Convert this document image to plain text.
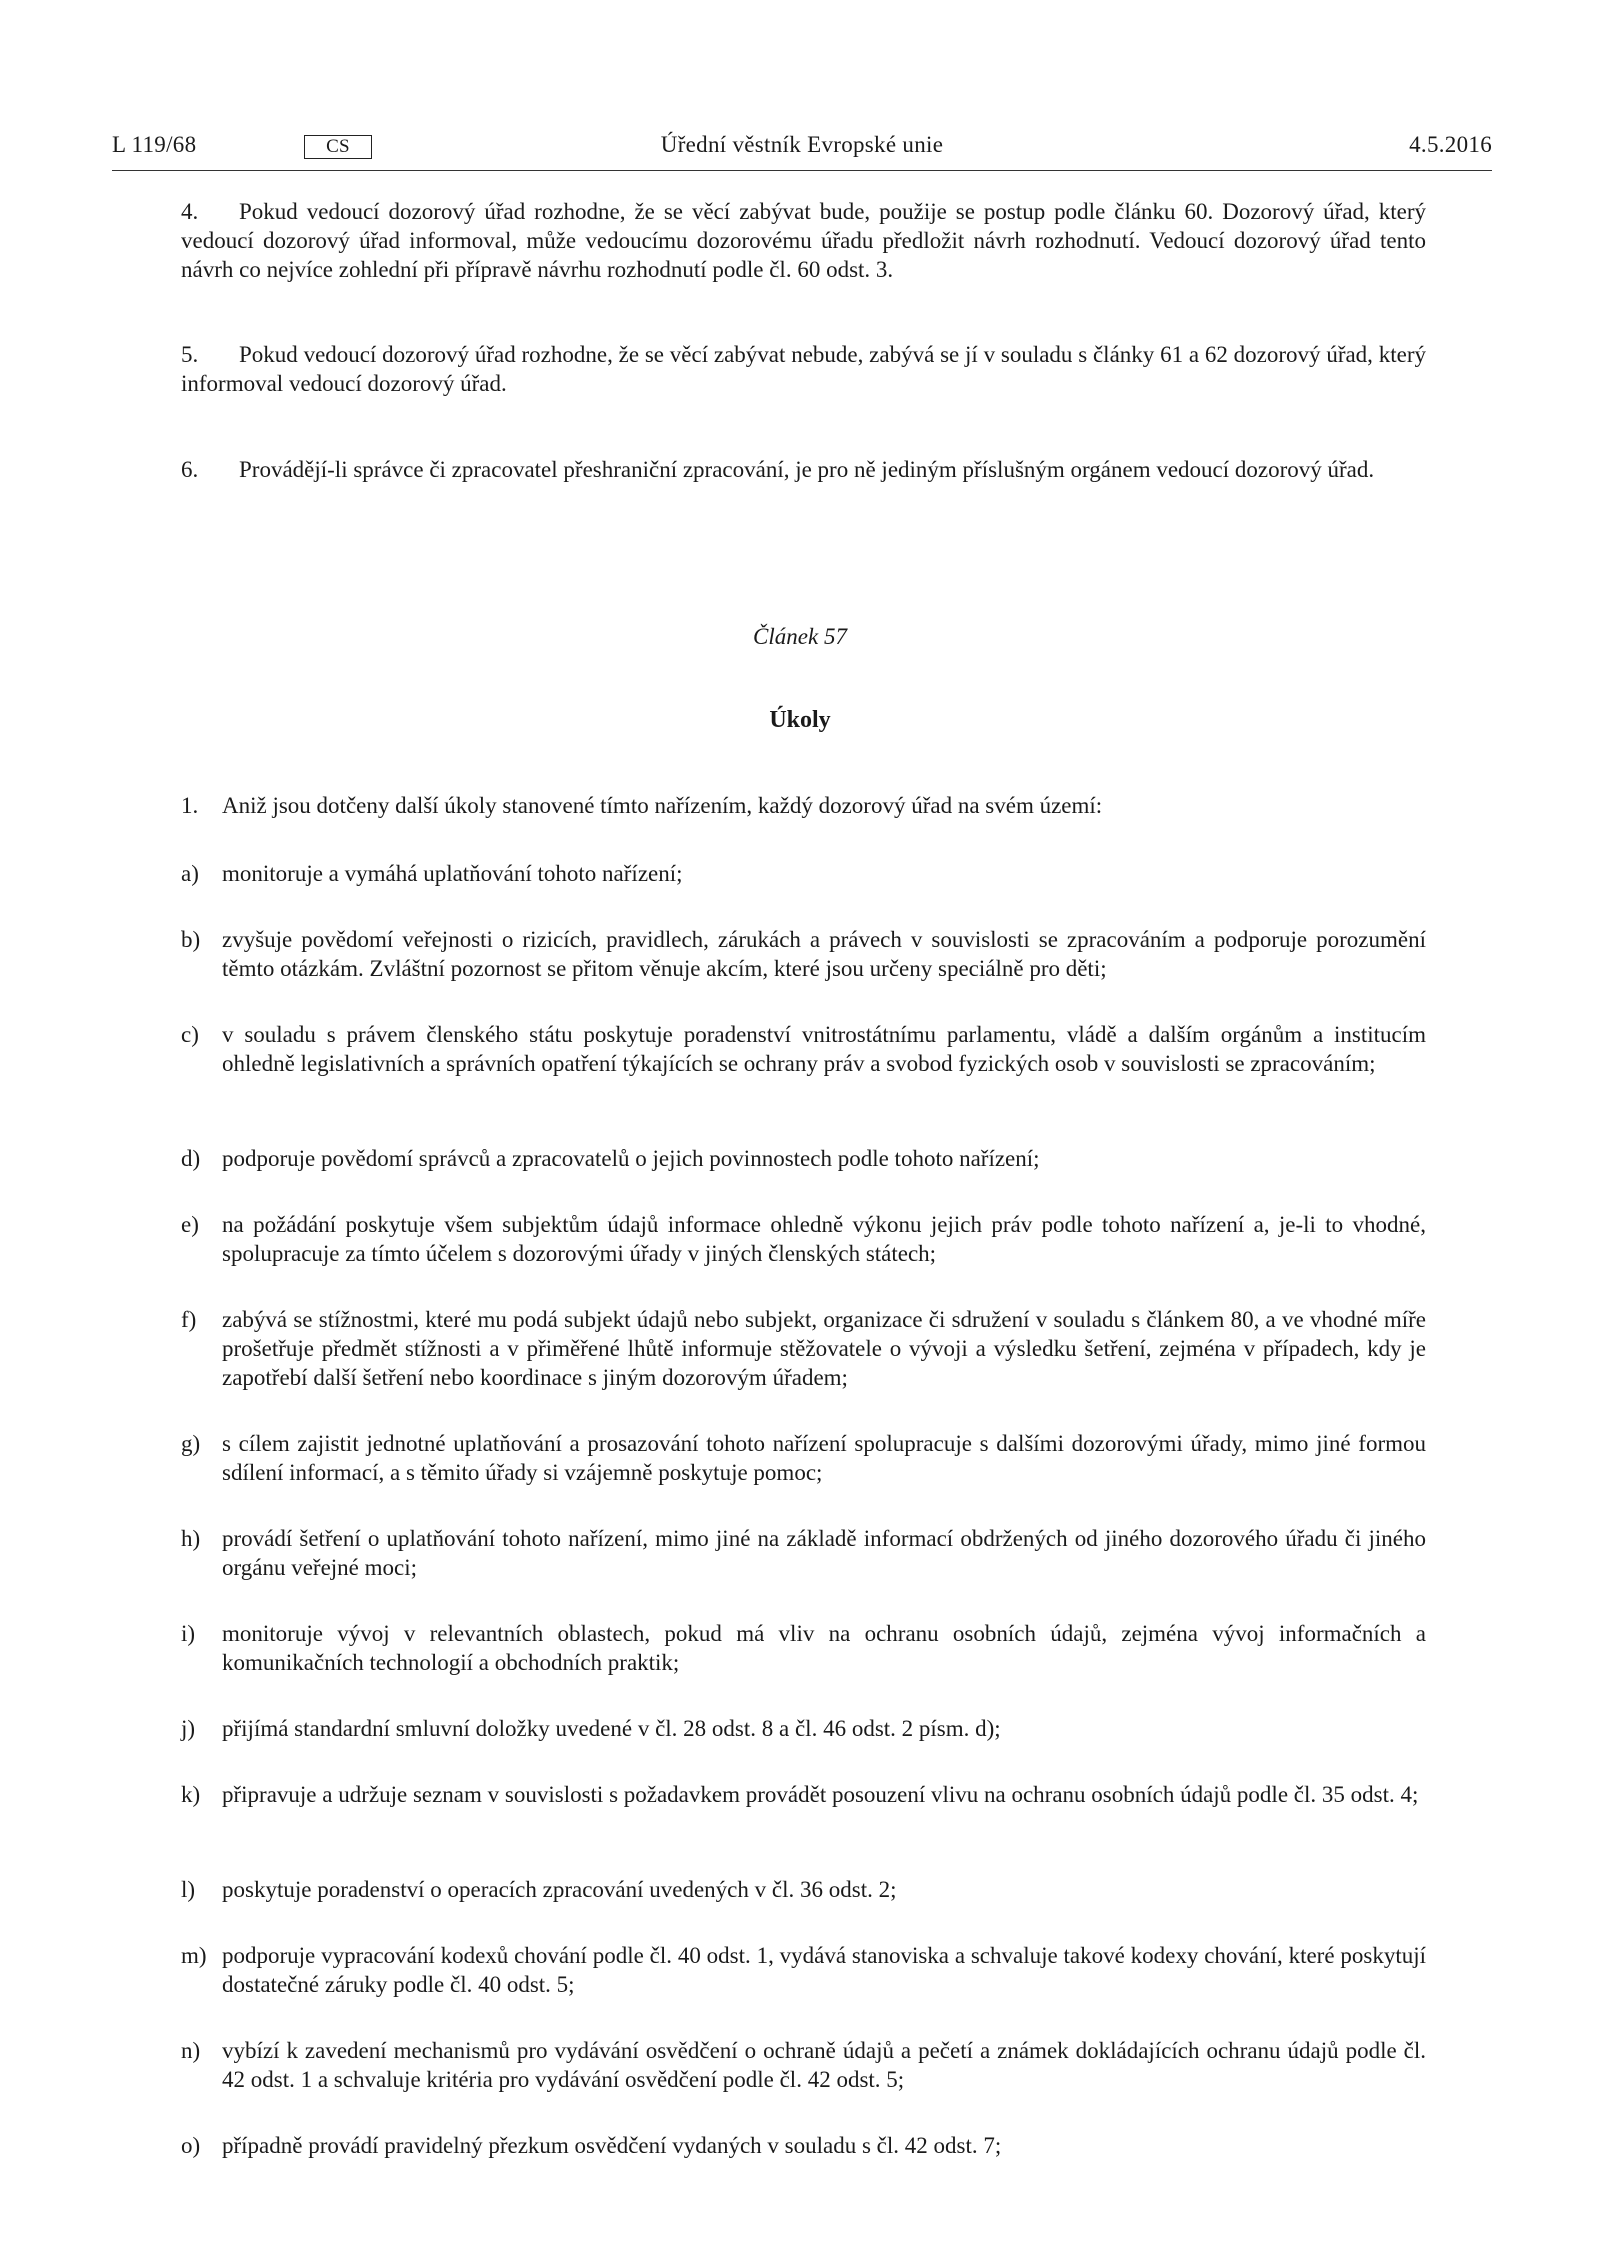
L 119/68	CS	Úřední věstník Evropské unie	4.5.2016

4. Pokud vedoucí dozorový úřad rozhodne, že se věcí zabývat bude, použije se postup podle článku 60. Dozorový úřad, který vedoucí dozorový úřad informoval, může vedoucímu dozorovému úřadu předložit návrh rozhodnutí. Vedoucí dozorový úřad tento návrh co nejvíce zohlední při přípravě návrhu rozhodnutí podle čl. 60 odst. 3.

5. Pokud vedoucí dozorový úřad rozhodne, že se věcí zabývat nebude, zabývá se jí v souladu s články 61 a 62 dozorový úřad, který informoval vedoucí dozorový úřad.

6. Provádějí-li správce či zpracovatel přeshraniční zpracování, je pro ně jediným příslušným orgánem vedoucí dozorový úřad.

Článek 57
Úkoly

1. Aniž jsou dotčeny další úkoly stanovené tímto nařízením, každý dozorový úřad na svém území:

a)	monitoruje a vymáhá uplatňování tohoto nařízení;
b) zvyšuje povědomí veřejnosti o rizicích, pravidlech, zárukách a právech v souvislosti se zpracováním a podporuje porozumění těmto otázkám. Zvláštní pozornost se přitom věnuje akcím, které jsou určeny speciálně pro děti;
c)	v souladu s právem členského státu poskytuje poradenství vnitrostátnímu parlamentu, vládě a dalším orgánům a institucím ohledně legislativních a správních opatření týkajících se ochrany práv a svobod fyzických osob v souvislosti se zpracováním;
d) podporuje povědomí správců a zpracovatelů o jejich povinnostech podle tohoto nařízení;
e)	na požádání poskytuje všem subjektům údajů informace ohledně výkonu jejich práv podle tohoto nařízení a, je-li to vhodné, spolupracuje za tímto účelem s dozorovými úřady v jiných členských státech;
f)	zabývá se stížnostmi, které mu podá subjekt údajů nebo subjekt, organizace či sdružení v souladu s článkem 80, a ve vhodné míře prošetřuje předmět stížnosti a v přiměřené lhůtě informuje stěžovatele o vývoji a výsledku šetření, zejména v případech, kdy je zapotřebí další šetření nebo koordinace s jiným dozorovým úřadem;
g) s cílem zajistit jednotné uplatňování a prosazování tohoto nařízení spolupracuje s dalšími dozorovými úřady, mimo jiné formou sdílení informací, a s těmito úřady si vzájemně poskytuje pomoc;
h) provádí šetření o uplatňování tohoto nařízení, mimo jiné na základě informací obdržených od jiného dozorového úřadu či jiného orgánu veřejné moci;
i)	monitoruje vývoj v relevantních oblastech, pokud má vliv na ochranu osobních údajů, zejména vývoj informačních a komunikačních technologií a obchodních praktik;
j)	přijímá standardní smluvní doložky uvedené v čl. 28 odst. 8 a čl. 46 odst. 2 písm. d);
k) připravuje a udržuje seznam v souvislosti s požadavkem provádět posouzení vlivu na ochranu osobních údajů podle čl. 35 odst. 4;
l)	poskytuje poradenství o operacích zpracování uvedených v čl. 36 odst. 2;
m) podporuje vypracování kodexů chování podle čl. 40 odst. 1, vydává stanoviska a schvaluje takové kodexy chování, které poskytují dostatečné záruky podle čl. 40 odst. 5;
n) vybízí k zavedení mechanismů pro vydávání osvědčení o ochraně údajů a pečetí a známek dokládajících ochranu údajů podle čl. 42 odst. 1 a schvaluje kritéria pro vydávání osvědčení podle čl. 42 odst. 5;
o) případně provádí pravidelný přezkum osvědčení vydaných v souladu s čl. 42 odst. 7;
